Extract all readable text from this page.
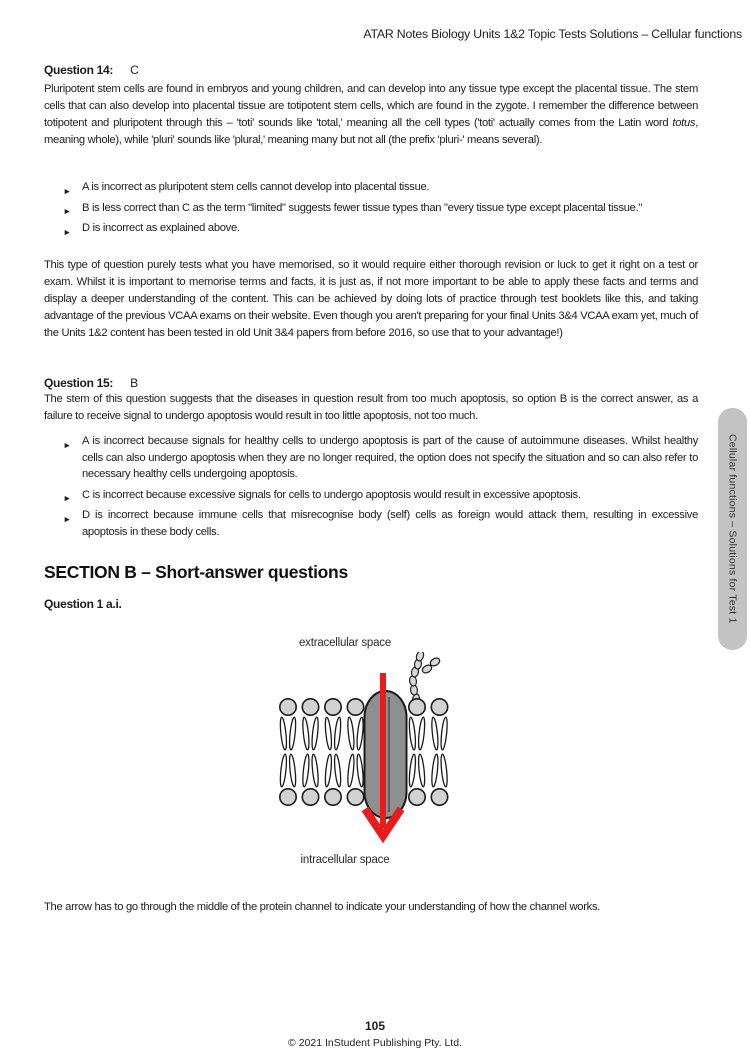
ATAR Notes Biology Units 1&2 Topic Tests Solutions – Cellular functions
Question 14: C

Pluripotent stem cells are found in embryos and young children, and can develop into any tissue type except the placental tissue. The stem cells that can also develop into placental tissue are totipotent stem cells, which are found in the zygote. I remember the difference between totipotent and pluripotent through this – 'toti' sounds like 'total,' meaning all the cell types ('toti' actually comes from the Latin word totus, meaning whole), while 'pluri' sounds like 'plural,' meaning many but not all (the prefix 'pluri-' means several).

► A is incorrect as pluripotent stem cells cannot develop into placental tissue.
► B is less correct than C as the term "limited" suggests fewer tissue types than "every tissue type except placental tissue."
► D is incorrect as explained above.

This type of question purely tests what you have memorised, so it would require either thorough revision or luck to get it right on a test or exam. Whilst it is important to memorise terms and facts, it is just as, if not more important to be able to apply these facts and terms and display a deeper understanding of the content. This can be achieved by doing lots of practice through test booklets like this, and taking advantage of the previous VCAA exams on their website. Even though you aren't preparing for your final Units 3&4 VCAA exam yet, much of the Units 1&2 content has been tested in old Unit 3&4 papers from before 2016, so use that to your advantage!)

Question 15: B

The stem of this question suggests that the diseases in question result from too much apoptosis, so option B is the correct answer, as a failure to receive signal to undergo apoptosis would result in too little apoptosis, not too much.

► A is incorrect because signals for healthy cells to undergo apoptosis is part of the cause of autoimmune diseases. Whilst healthy cells can also undergo apoptosis when they are no longer required, the option does not specify the situation and so can also refer to necessary healthy cells undergoing apoptosis.
► C is incorrect because excessive signals for cells to undergo apoptosis would result in excessive apoptosis.
► D is incorrect because immune cells that misrecognise body (self) cells as foreign would attack them, resulting in excessive apoptosis in these body cells.
SECTION B – Short-answer questions
Question 1 a.i.
extracellular space
intracellular space

The arrow has to go through the middle of the protein channel to indicate your understanding of how the channel works.

105
© 2021 InStudent Publishing Pty. Ltd.
Cellular functions – Solutions for Test 1
